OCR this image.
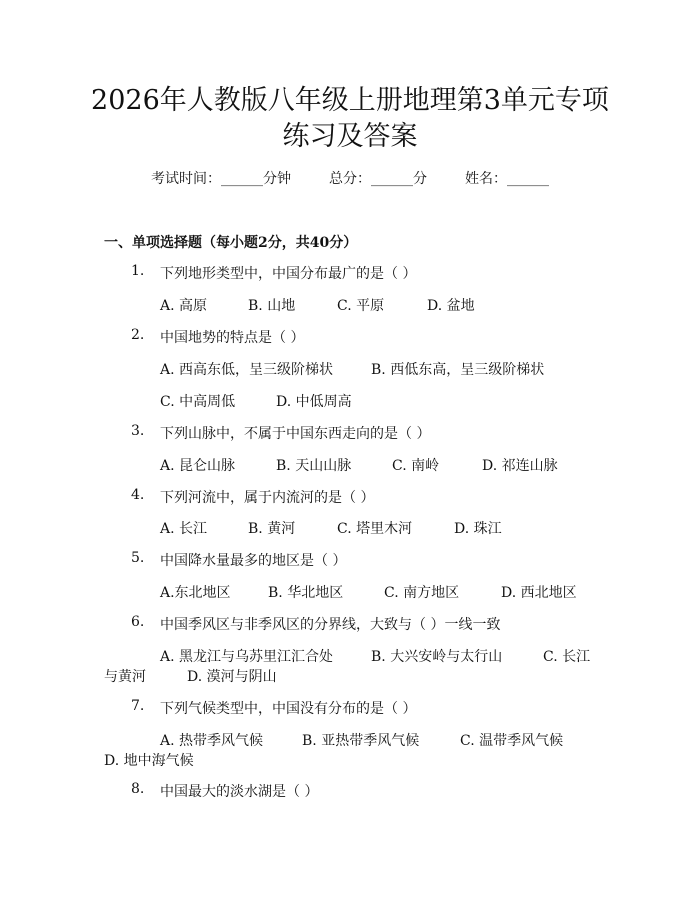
2026年人教版八年级上册地理第3单元专项
练习及答案
考试时间：______分钟	总分：______分	姓名：______
一、单项选择题（每小题2分，共40分）
1. 下列地形类型中，中国分布最广的是（ ）
A. 高原	B. 山地	C. 平原	D. 盆地
2. 中国地势的特点是（ ）
A. 西高东低，呈三级阶梯状	B. 西低东高，呈三级阶梯状
C. 中高周低	D. 中低周高
3. 下列山脉中，不属于中国东西走向的是（ ）
A. 昆仑山脉	B. 天山山脉	C. 南岭	D. 祁连山脉
4. 下列河流中，属于内流河的是（ ）
A. 长江	B. 黄河	C. 塔里木河	D. 珠江
5. 中国降水量最多的地区是（ ）
A.东北地区	B. 华北地区	C. 南方地区	D. 西北地区
6. 中国季风区与非季风区的分界线，大致与（ ）一线一致
A. 黑龙江与乌苏里江汇合处	B. 大兴安岭与太行山	C. 长江
与黄河	D. 漠河与阴山
7. 下列气候类型中，中国没有分布的是（ ）
A. 热带季风气候	B. 亚热带季风气候	C. 温带季风气候
D. 地中海气候
8. 中国最大的淡水湖是（ ）
